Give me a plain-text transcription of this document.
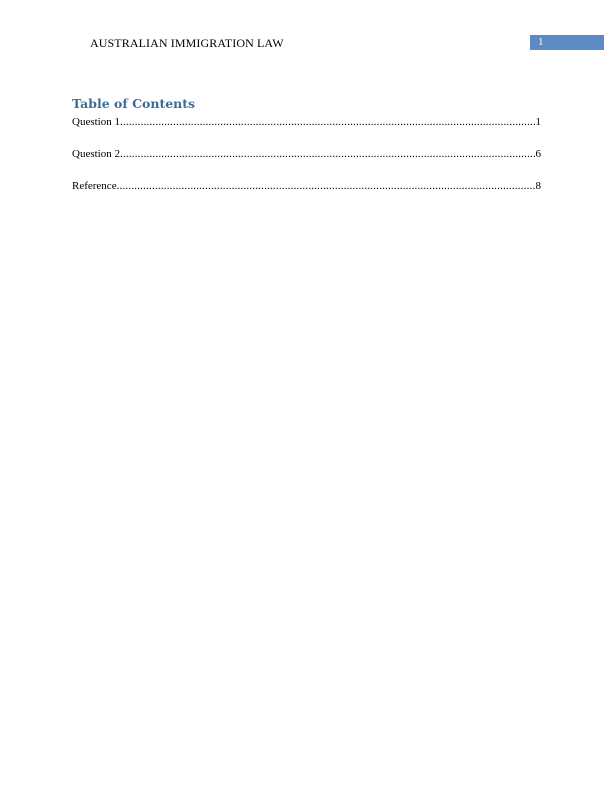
AUSTRALIAN IMMIGRATION LAW	1
Table of Contents
Question 1 .....	1
Question 2 .....	6
Reference .....	8
